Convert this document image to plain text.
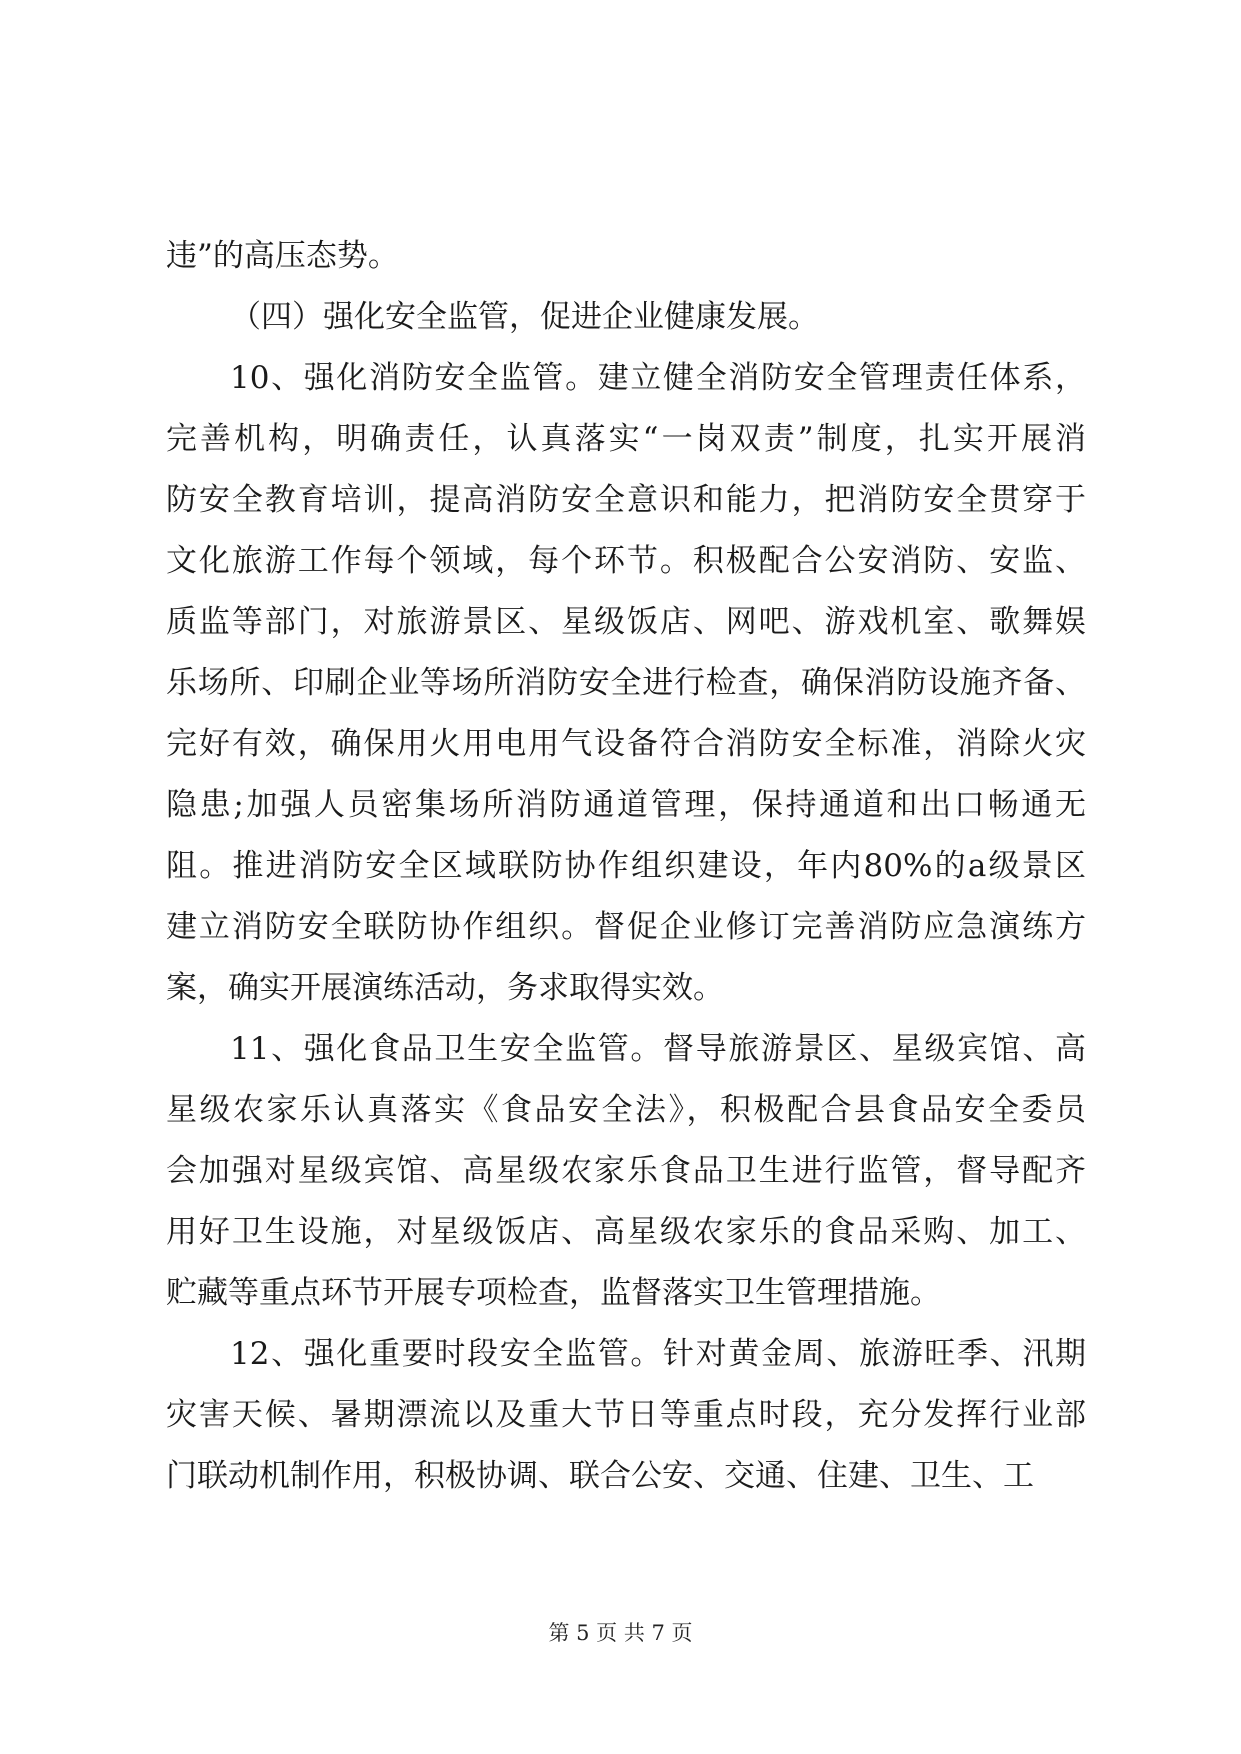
违”的高压态势。
（四）强化安全监管，促进企业健康发展。
10、强化消防安全监管。建立健全消防安全管理责任体系，
完善机构，明确责任，认真落实“一岗双责”制度，扎实开展消
防安全教育培训，提高消防安全意识和能力，把消防安全贯穿于
文化旅游工作每个领域，每个环节。积极配合公安消防、安监、
质监等部门，对旅游景区、星级饭店、网吧、游戏机室、歌舞娱
乐场所、印刷企业等场所消防安全进行检查，确保消防设施齐备、
完好有效，确保用火用电用气设备符合消防安全标准，消除火灾
隐患;加强人员密集场所消防通道管理，保持通道和出口畅通无
阻。推进消防安全区域联防协作组织建设，年内80%的a级景区
建立消防安全联防协作组织。督促企业修订完善消防应急演练方
案，确实开展演练活动，务求取得实效。
11、强化食品卫生安全监管。督导旅游景区、星级宾馆、高
星级农家乐认真落实《食品安全法》，积极配合县食品安全委员
会加强对星级宾馆、高星级农家乐食品卫生进行监管，督导配齐
用好卫生设施，对星级饭店、高星级农家乐的食品采购、加工、
贮藏等重点环节开展专项检查，监督落实卫生管理措施。
12、强化重要时段安全监管。针对黄金周、旅游旺季、汛期
灾害天候、暑期漂流以及重大节日等重点时段，充分发挥行业部
门联动机制作用，积极协调、联合公安、交通、住建、卫生、工
第 5 页 共 7 页
